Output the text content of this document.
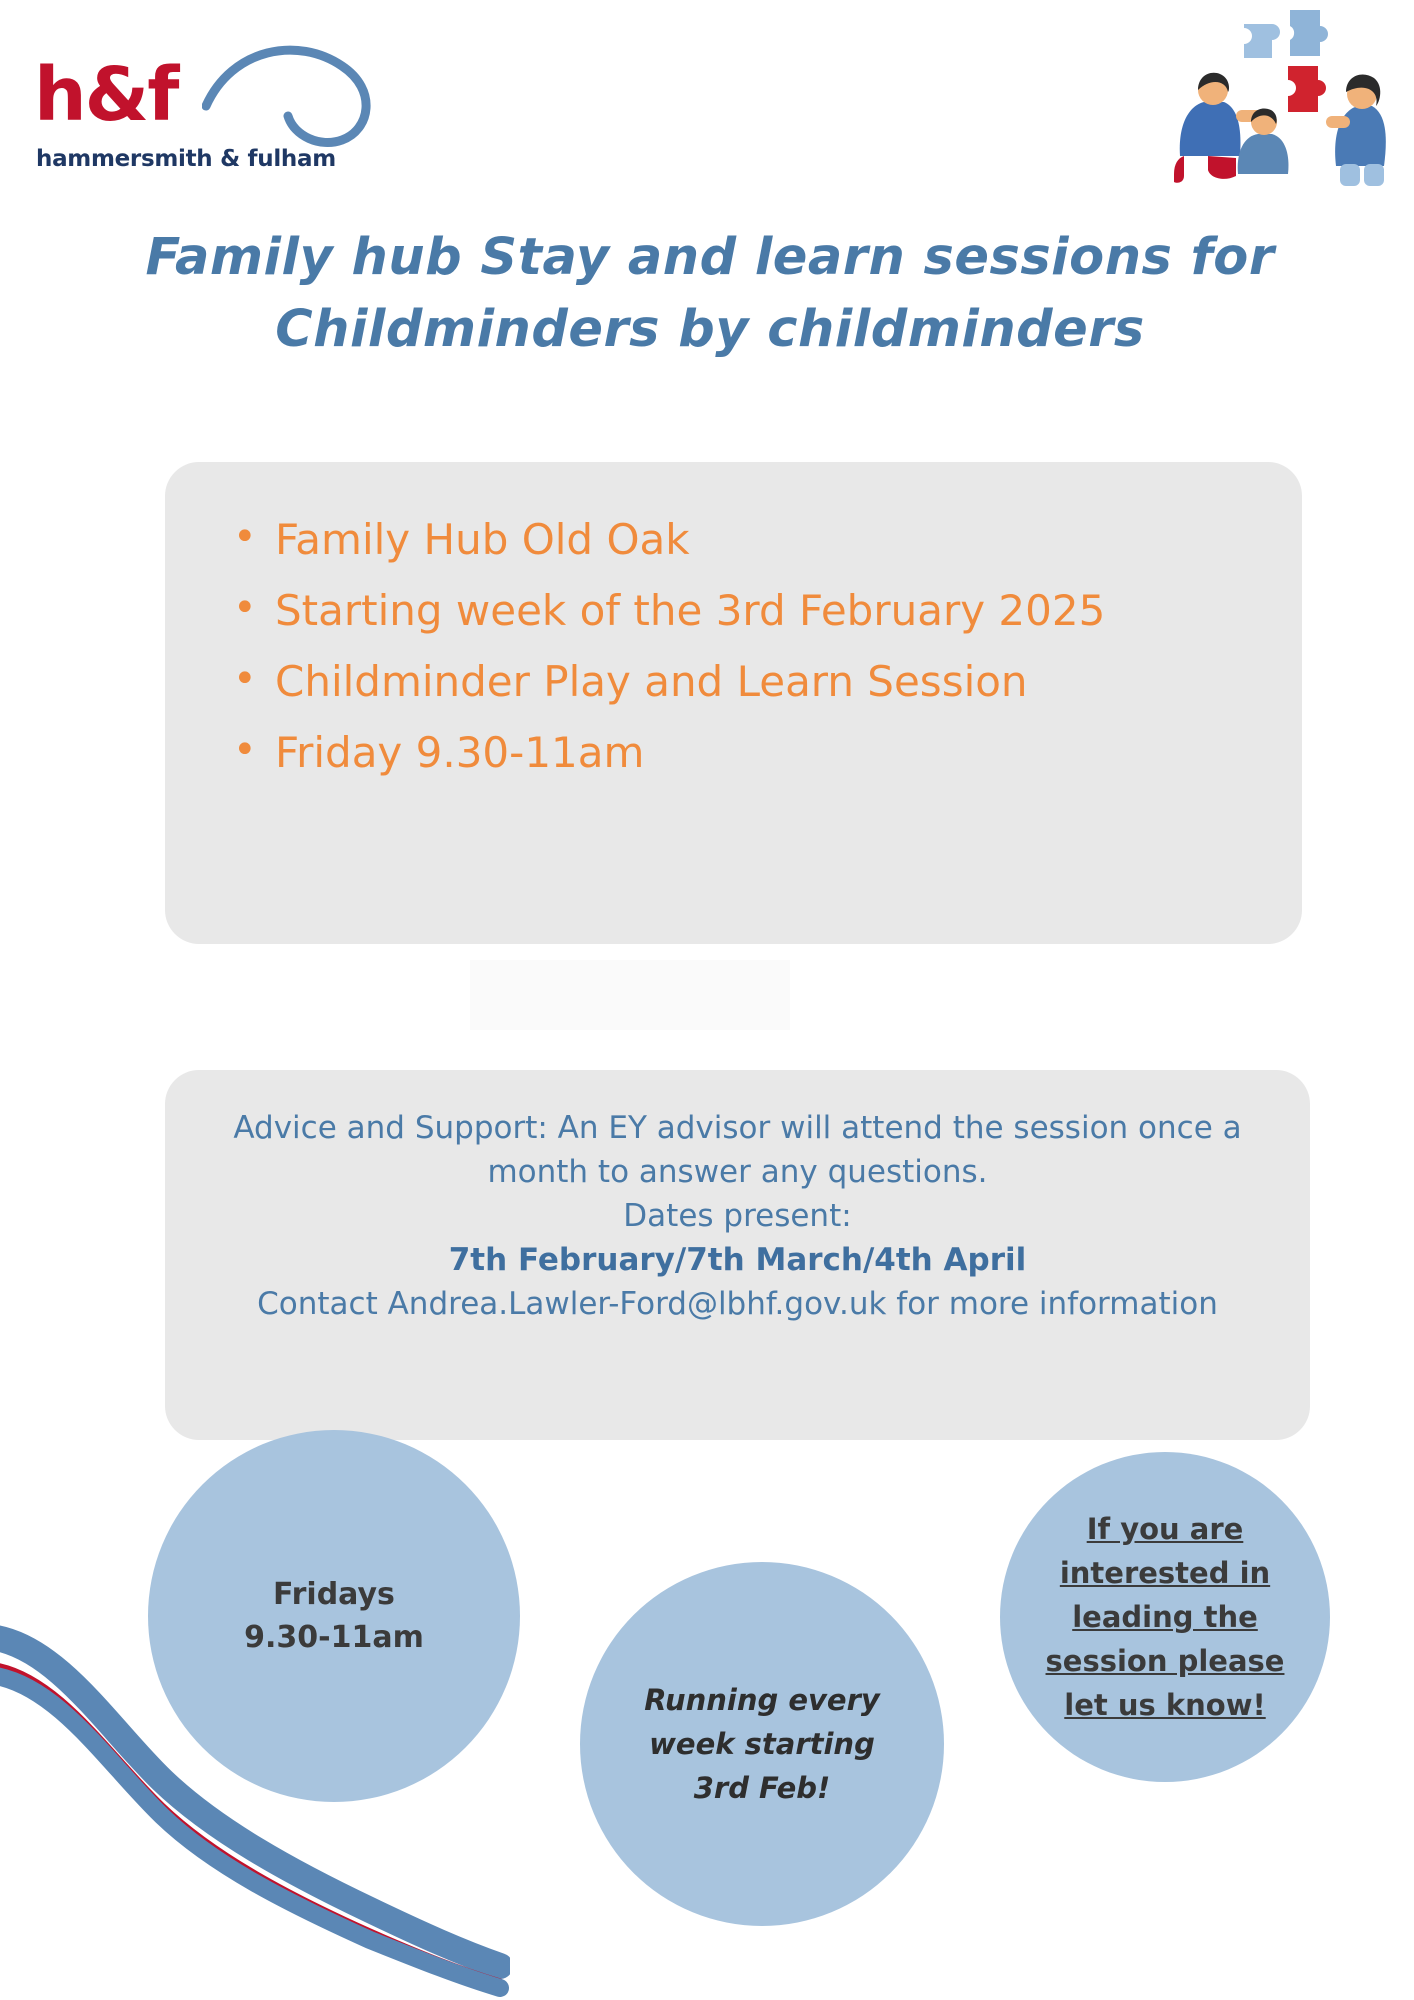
h&f
hammersmith & fulham
Family hub Stay and learn sessions for Childminders by childminders
• Family Hub Old Oak
• Starting week of the 3rd February 2025
• Childminder Play and Learn Session
• Friday 9.30-11am
Advice and Support: An EY advisor will attend the session once a month to answer any questions.
Dates present:
7th February/7th March/4th April
Contact Andrea.Lawler-Ford@lbhf.gov.uk for more information
Fridays
9.30-11am
Running every
week starting
3rd Feb!
If you are
interested in
leading the
session please
let us know!
